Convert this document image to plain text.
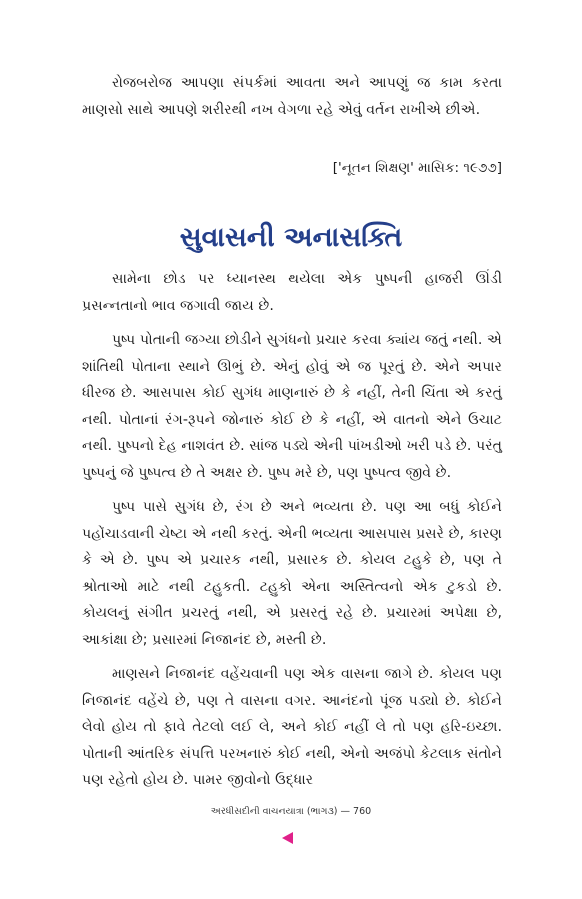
રોજબરોજ આપણા સંપર્કમાં આવતા અને આપણું જ કામ કરતા માણસો સાથે આપણે શરીરથી નખ વેગળા રહે એવું વર્તન રાખીએ છીએ.

['નૂતન શિક્ષણ' માસિક: ૧૯૭૭]
સુવાસની અનાસક્તિ

સામેના છોડ પર ધ્યાનસ્થ થયેલા એક પુષ્પની હાજરી ઊંડી પ્રસન્નતાનો ભાવ જગાવી જાય છે.

પુષ્પ પોતાની જગ્યા છોડીને સુગંધનો પ્રચાર કરવા ક્યાંય જતું નથી. એ શાંતિથી પોતાના સ્થાને ઊભું છે. એનું હોવું એ જ પૂરતું છે. એને અપાર ધીરજ છે. આસપાસ કોઈ સુગંધ માણનારું છે કે નહીં, તેની ચિંતા એ કરતું નથી. પોતાનાં રંગ-રૂપને જોનારું કોઈ છે કે નહીં, એ વાતનો એને ઉચાટ નથી. પુષ્પનો દેહ નાશવંત છે. સાંજ પડ્યે એની પાંખડીઓ ખરી પડે છે. પરંતુ પુષ્પનું જે પુષ્પત્વ છે તે અક્ષર છે. પુષ્પ મરે છે, પણ પુષ્પત્વ જીવે છે.

પુષ્પ પાસે સુગંધ છે, રંગ છે અને ભવ્યતા છે. પણ આ બધું કોઈને પહોંચાડવાની ચેષ્ટા એ નથી કરતું. એની ભવ્યતા આસપાસ પ્રસરે છે, કારણ કે એ છે. પુષ્પ એ પ્રચારક નથી, પ્રસારક છે. કોયલ ટહુકે છે, પણ તે શ્રોતાઓ માટે નથી ટહુકતી. ટહુકો એના અસ્તિત્વનો એક ટુકડો છે. કોયલનું સંગીત પ્રચરતું નથી, એ પ્રસરતું રહે છે. પ્રચારમાં અપેક્ષા છે, આકાંક્ષા છે; પ્રસારમાં નિજાનંદ છે, મસ્તી છે.

માણસને નિજાનંદ વહેંચવાની પણ એક વાસના જાગે છે. કોયલ પણ નિજાનંદ વહેંચે છે, પણ તે વાસના વગર. આનંદનો પૂંજ પડ્યો છે. કોઈને લેવો હોય તો ફાવે તેટલો લઈ લે, અને કોઈ નહીં લે તો પણ હરિ-ઇચ્છા. પોતાની આંતરિક સંપત્તિ પરખનારું કોઈ નથી, એનો અજંપો કેટલાક સંતોને પણ રહેતો હોય છે. પામર જીવોનો ઉદ્ધાર

અરધીસદીની વાચનયાત્રા (ભાગ૩) — 760
